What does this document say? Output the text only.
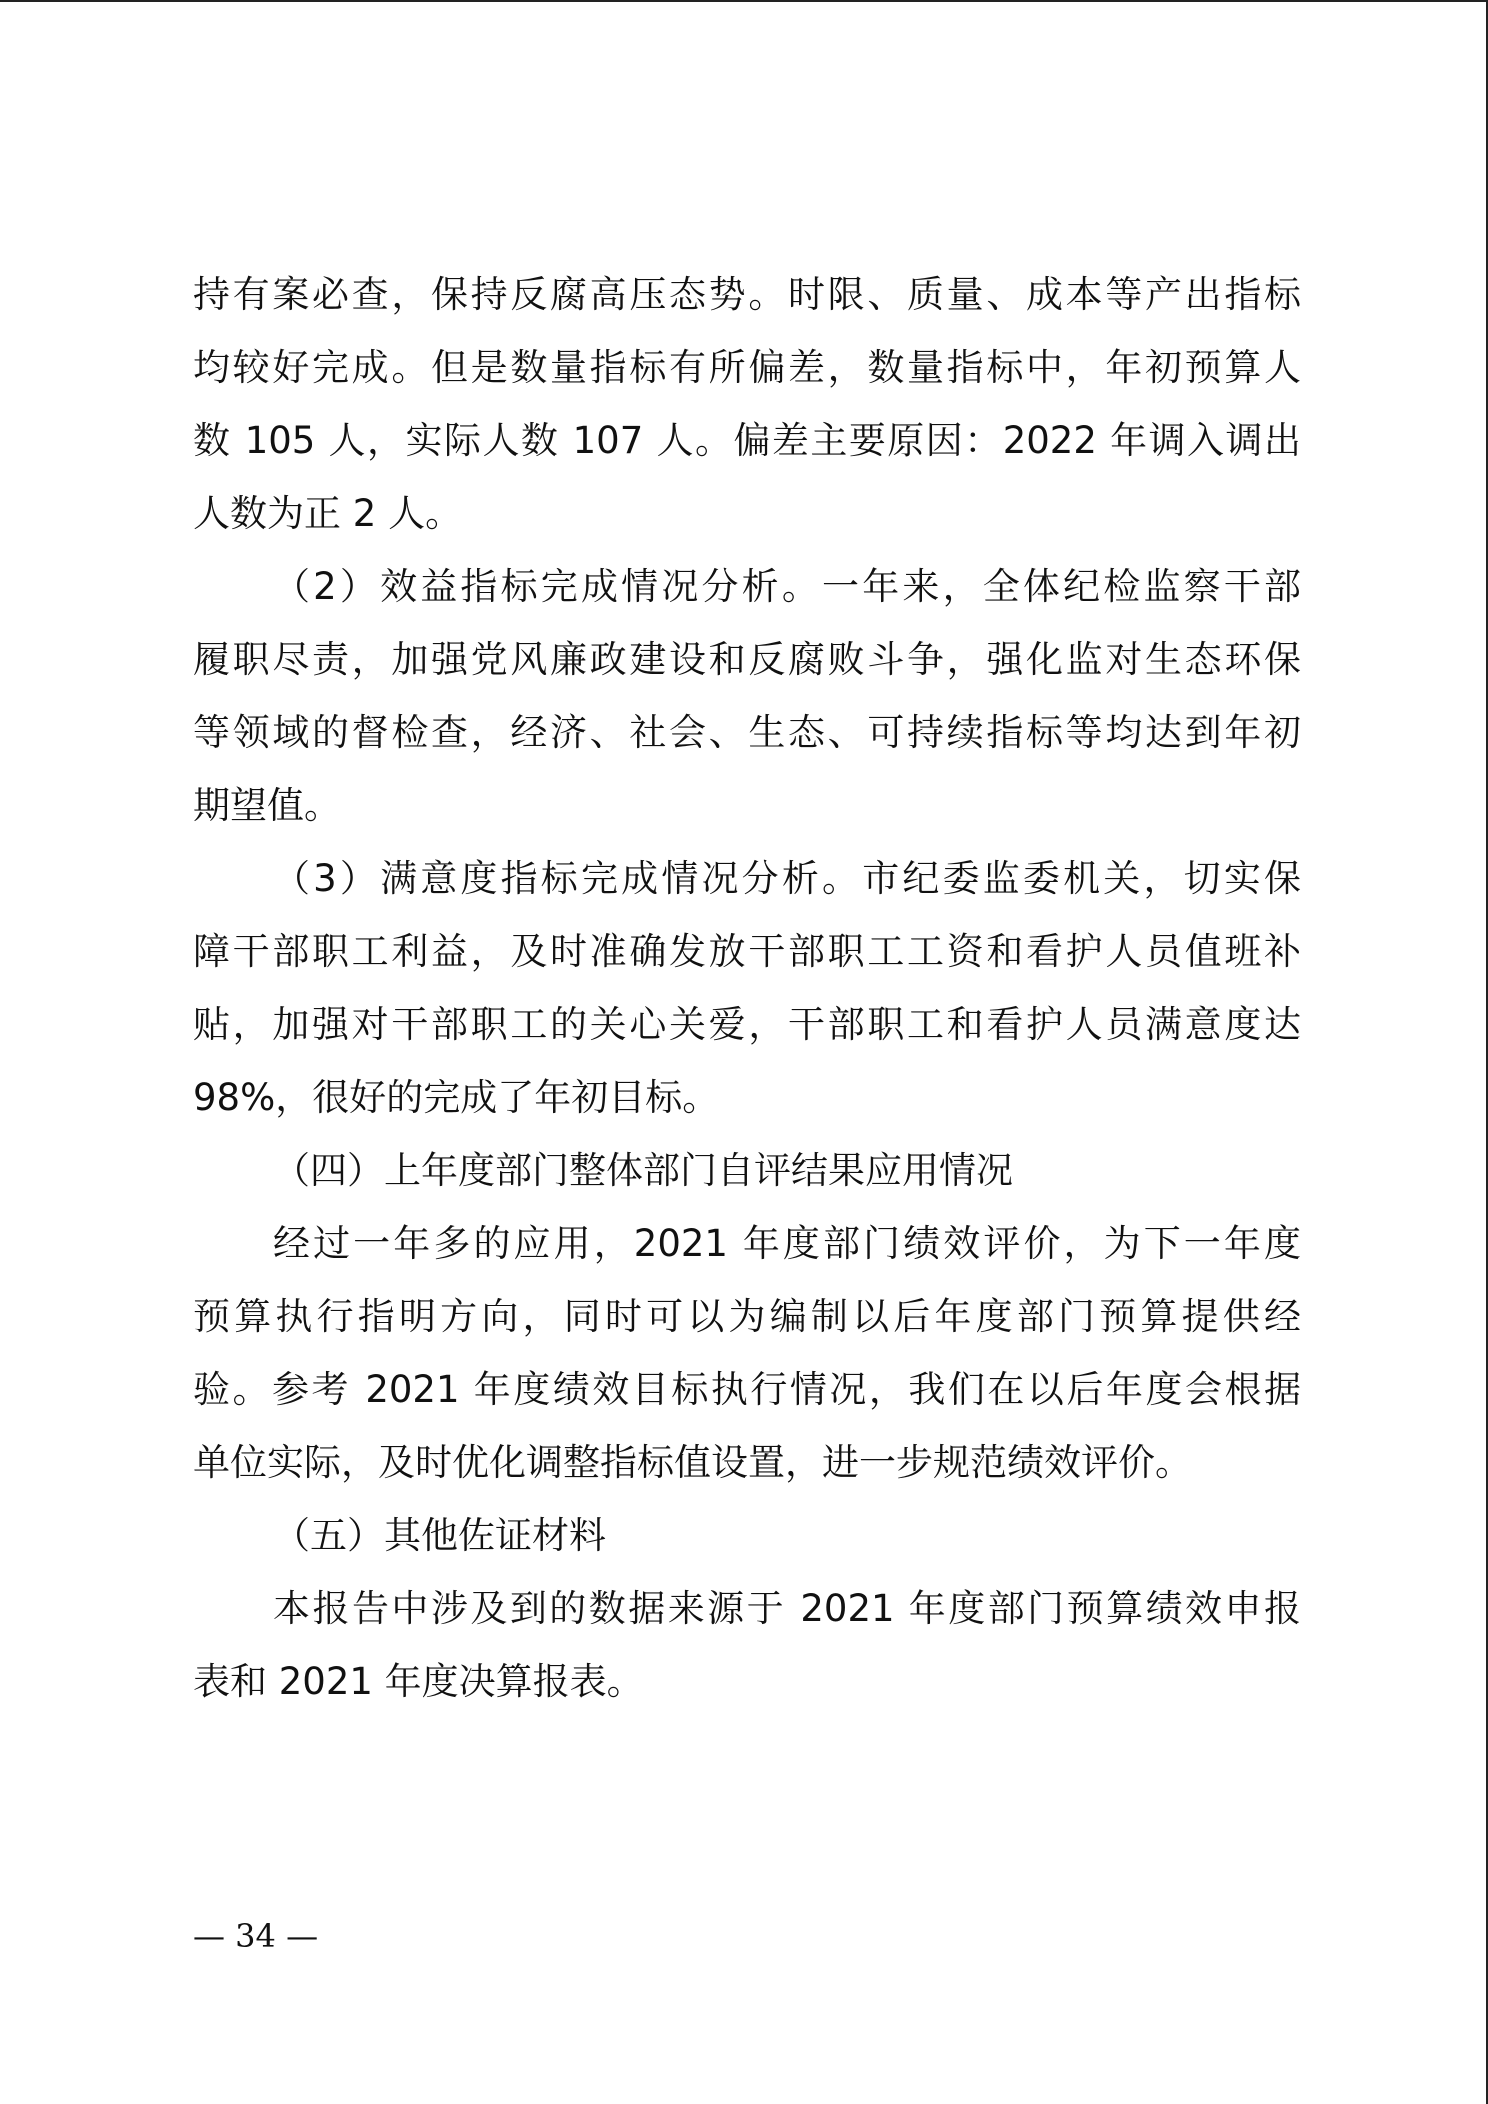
持有案必查，保持反腐高压态势。时限、质量、成本等产出指标
均较好完成。但是数量指标有所偏差，数量指标中，年初预算人
数 105 人，实际人数 107 人。偏差主要原因：2022 年调入调出
人数为正 2 人。
（2）效益指标完成情况分析。一年来，全体纪检监察干部
履职尽责，加强党风廉政建设和反腐败斗争，强化监对生态环保
等领域的督检查，经济、社会、生态、可持续指标等均达到年初
期望值。
（3）满意度指标完成情况分析。市纪委监委机关，切实保
障干部职工利益，及时准确发放干部职工工资和看护人员值班补
贴，加强对干部职工的关心关爱，干部职工和看护人员满意度达
98%，很好的完成了年初目标。
（四）上年度部门整体部门自评结果应用情况
经过一年多的应用，2021 年度部门绩效评价，为下一年度
预算执行指明方向，同时可以为编制以后年度部门预算提供经
验。参考 2021 年度绩效目标执行情况，我们在以后年度会根据
单位实际，及时优化调整指标值设置，进一步规范绩效评价。
（五）其他佐证材料
本报告中涉及到的数据来源于 2021 年度部门预算绩效申报
表和 2021 年度决算报表。
— 34 —
